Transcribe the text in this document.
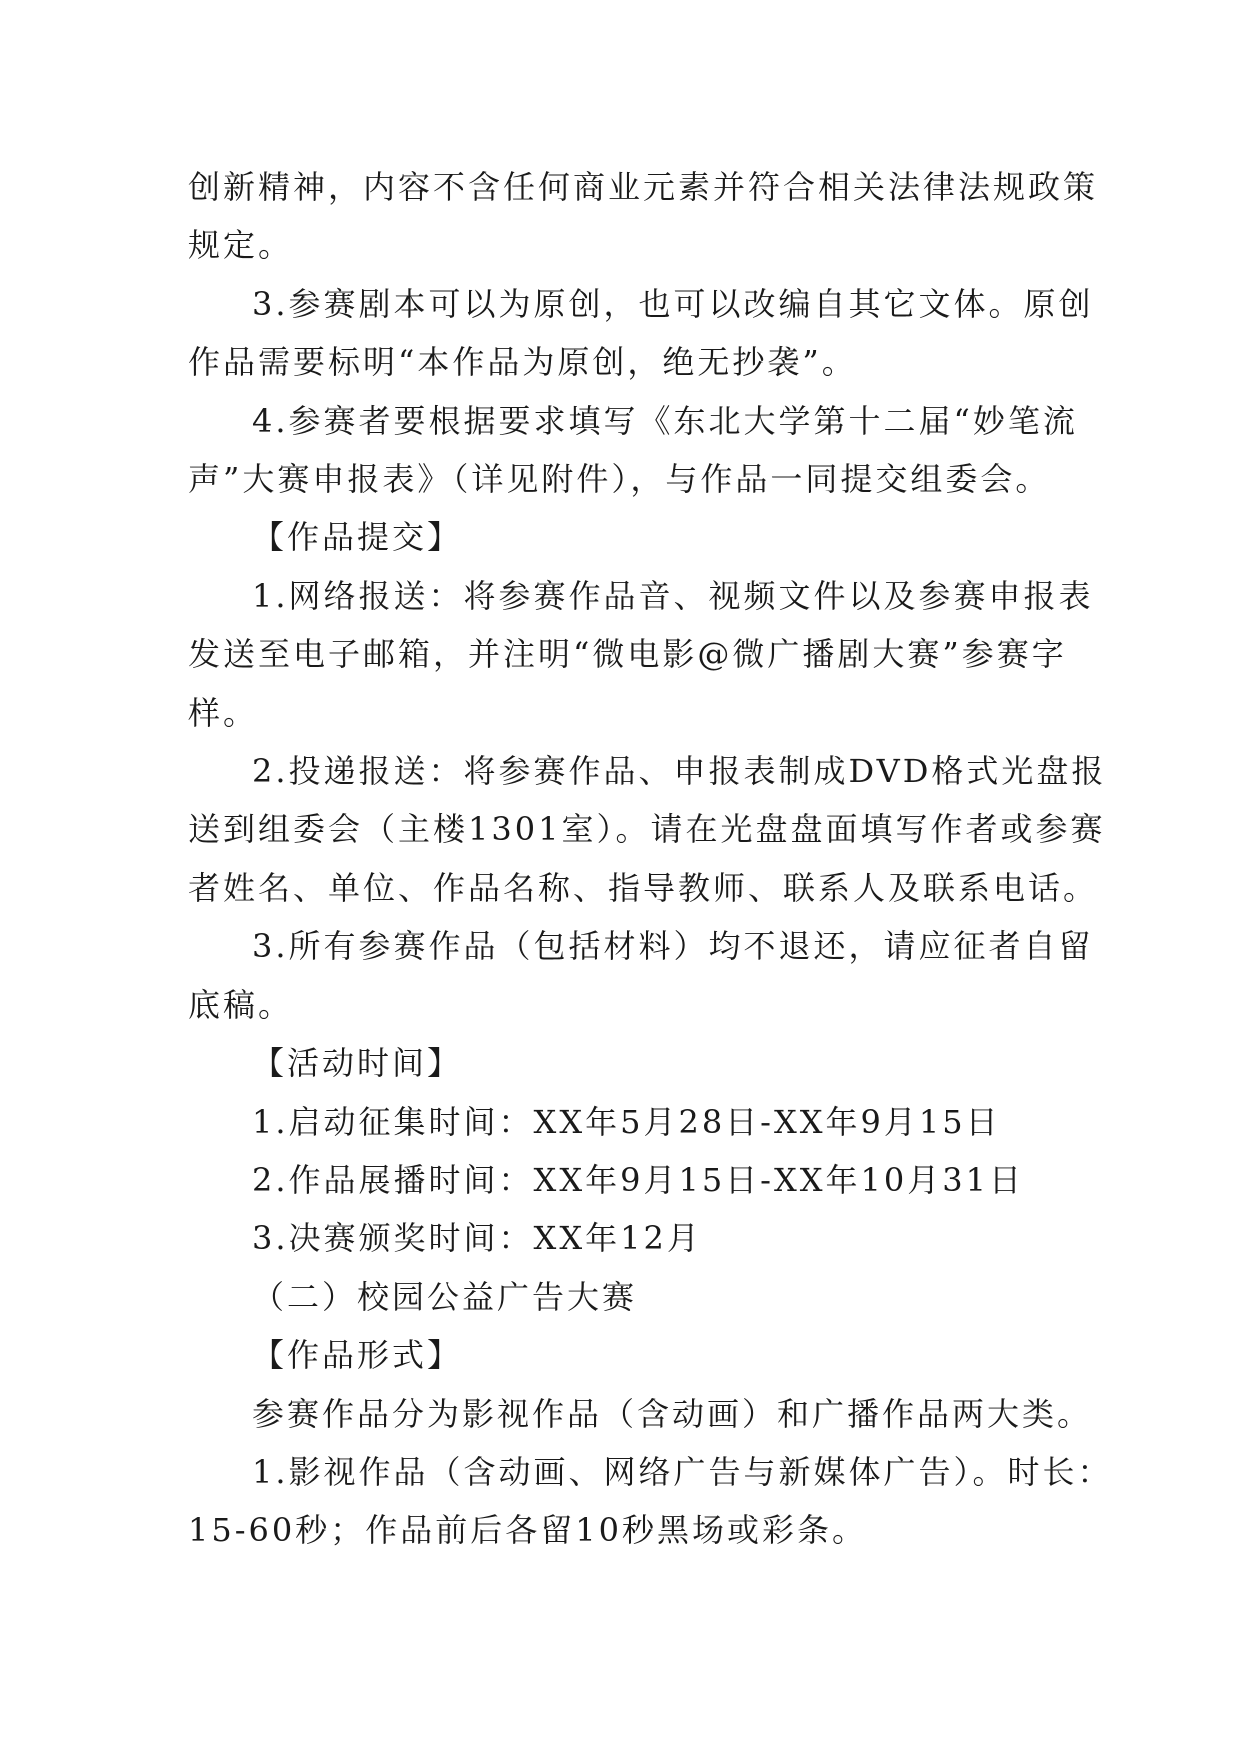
创新精神，内容不含任何商业元素并符合相关法律法规政策
规定。
3.参赛剧本可以为原创，也可以改编自其它文体。原创
作品需要标明“本作品为原创，绝无抄袭”。
4.参赛者要根据要求填写《东北大学第十二届“妙笔流
声”大赛申报表》（详见附件），与作品一同提交组委会。
【作品提交】
1.网络报送：将参赛作品音、视频文件以及参赛申报表
发送至电子邮箱，并注明“微电影@微广播剧大赛”参赛字
样。
2.投递报送：将参赛作品、申报表制成DVD格式光盘报
送到组委会（主楼1301室）。请在光盘盘面填写作者或参赛
者姓名、单位、作品名称、指导教师、联系人及联系电话。
3.所有参赛作品（包括材料）均不退还，请应征者自留
底稿。
【活动时间】
1.启动征集时间：XX年5月28日-XX年9月15日
2.作品展播时间：XX年9月15日-XX年10月31日
3.决赛颁奖时间：XX年12月
（二）校园公益广告大赛
【作品形式】
参赛作品分为影视作品（含动画）和广播作品两大类。
1.影视作品（含动画、网络广告与新媒体广告）。时长：
15-60秒；作品前后各留10秒黑场或彩条。
